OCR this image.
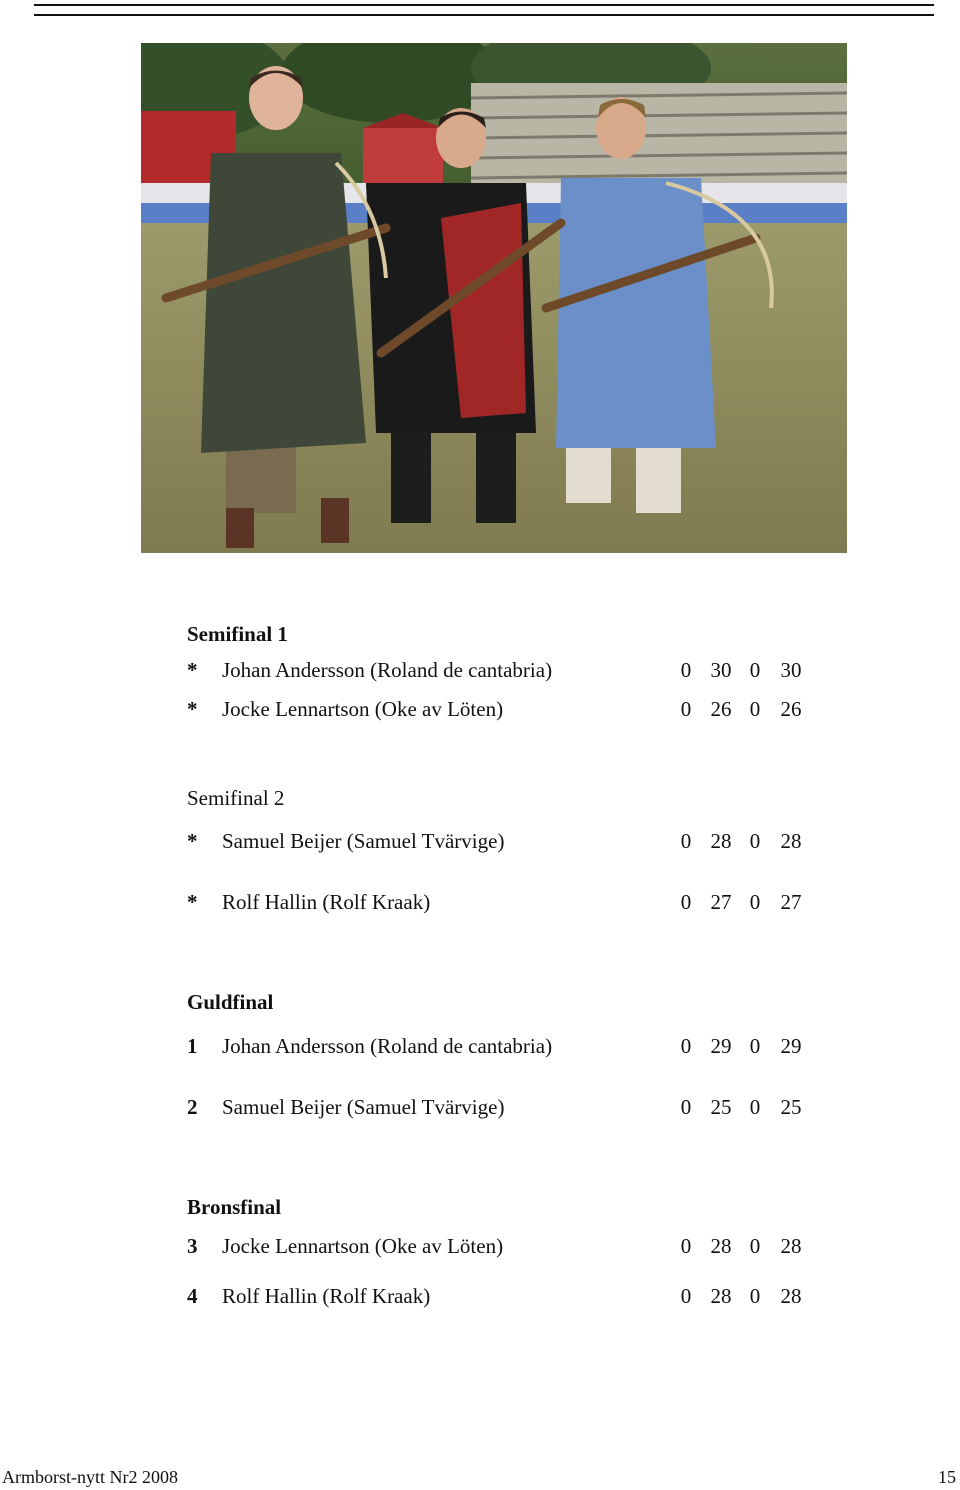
Semifinal 1
* Johan Andersson (Roland de cantabria)	0 30 0 30
* Jocke Lennartson (Oke av Löten)	0 26 0 26
Semifinal 2
* Samuel Beijer (Samuel Tvärvige)	0 28 0 28
* Rolf Hallin (Rolf Kraak)	0 27 0 27
Guldfinal
1 Johan Andersson (Roland de cantabria)	0 29 0 29
2 Samuel Beijer (Samuel Tvärvige)	0 25 0 25
Bronsfinal
3 Jocke Lennartson (Oke av Löten)	0 28 0 28
4 Rolf Hallin (Rolf Kraak)	0 28 0 28
Armborst-nytt Nr2 2008	15
